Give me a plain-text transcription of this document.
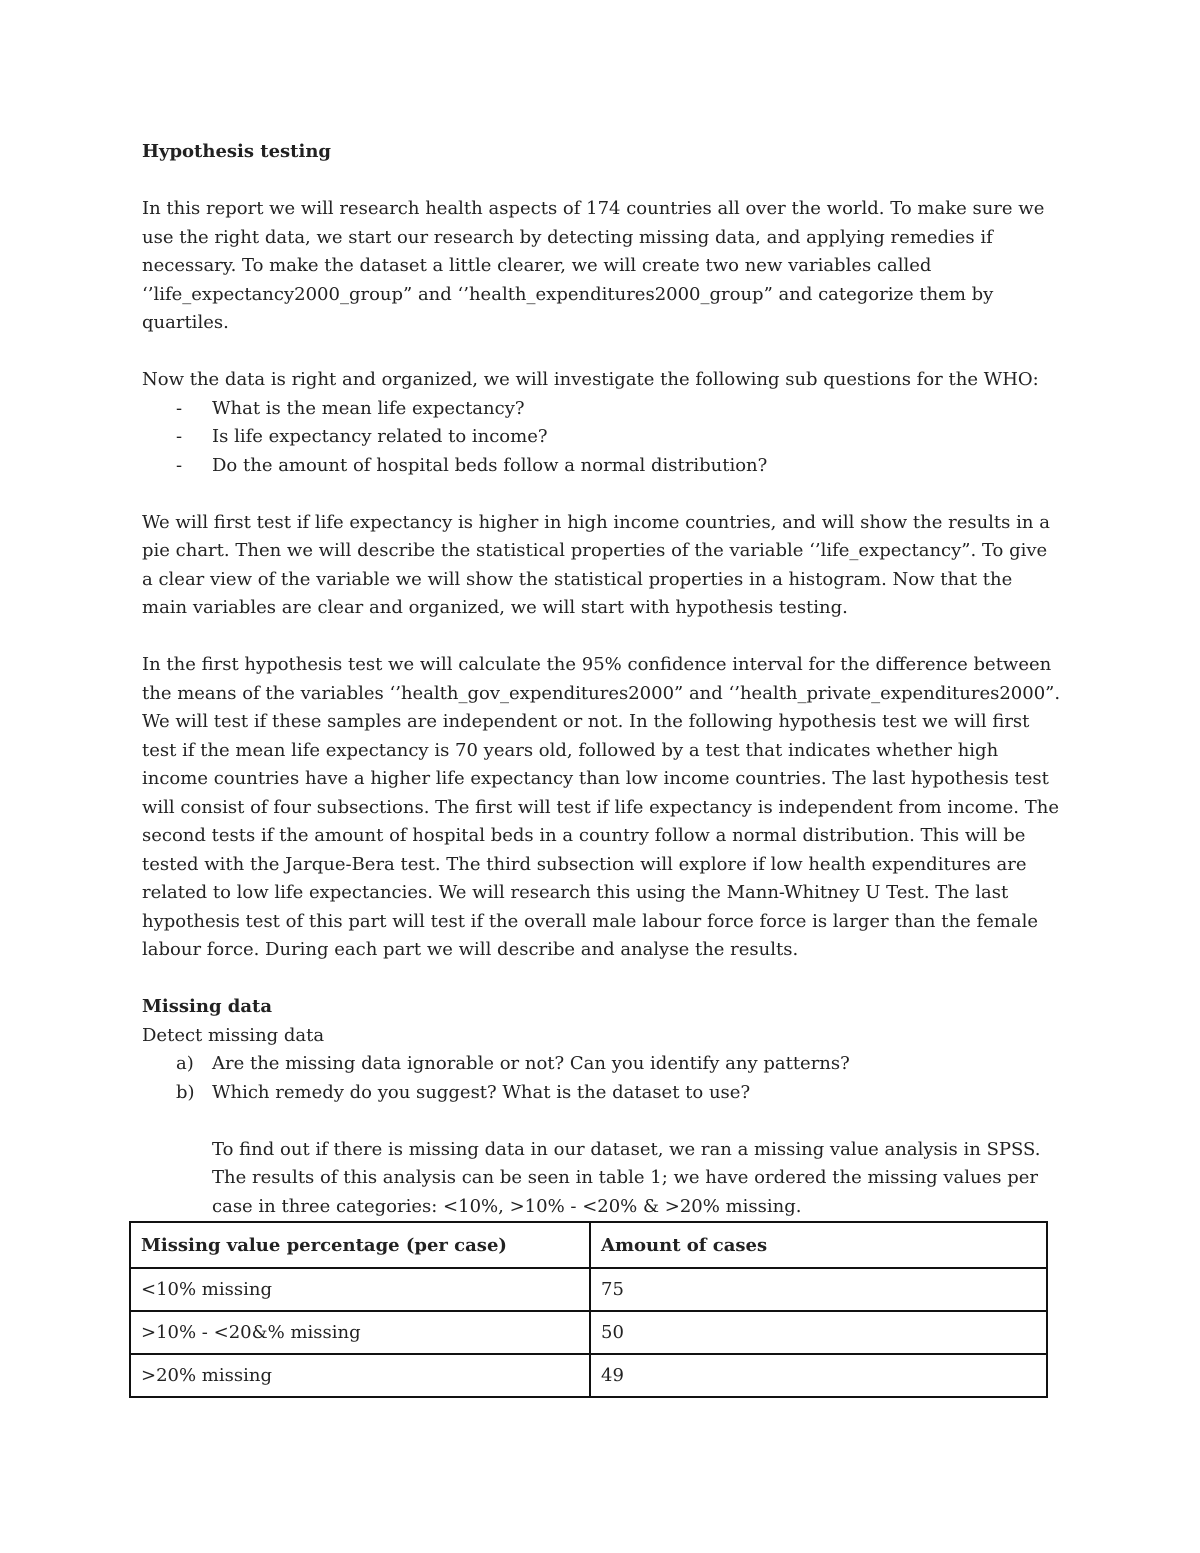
Hypothesis testing

In this report we will research health aspects of 174 countries all over the world. To make sure we use the right data, we start our research by detecting missing data, and applying remedies if necessary. To make the dataset a little clearer, we will create two new variables called ‘’life_expectancy2000_group” and ‘’health_expenditures2000_group” and categorize them by quartiles.

Now the data is right and organized, we will investigate the following sub questions for the WHO:

- What is the mean life expectancy?
- Is life expectancy related to income?
- Do the amount of hospital beds follow a normal distribution?

We will first test if life expectancy is higher in high income countries, and will show the results in a pie chart. Then we will describe the statistical properties of the variable ‘’life_expectancy”. To give a clear view of the variable we will show the statistical properties in a histogram. Now that the main variables are clear and organized, we will start with hypothesis testing.

In the first hypothesis test we will calculate the 95% confidence interval for the difference between the means of the variables ‘’health_gov_expenditures2000” and ‘’health_private_expenditures2000”. We will test if these samples are independent or not. In the following hypothesis test we will first test if the mean life expectancy is 70 years old, followed by a test that indicates whether high income countries have a higher life expectancy than low income countries. The last hypothesis test will consist of four subsections. The first will test if life expectancy is independent from income. The second tests if the amount of hospital beds in a country follow a normal distribution. This will be tested with the Jarque-Bera test. The third subsection will explore if low health expenditures are related to low life expectancies. We will research this using the Mann-Whitney U Test. The last hypothesis test of this part will test if the overall male labour force force is larger than the female labour force. During each part we will describe and analyse the results.

Missing data

Detect missing data

a) Are the missing data ignorable or not? Can you identify any patterns?
b) Which remedy do you suggest? What is the dataset to use?

To find out if there is missing data in our dataset, we ran a missing value analysis in SPSS. The results of this analysis can be seen in table 1; we have ordered the missing values per case in three categories: <10%, >10% - <20% & >20% missing.

Missing value percentage (per case)	Amount of cases
<10% missing	75
>10% - <20&% missing	50
>20% missing	49
